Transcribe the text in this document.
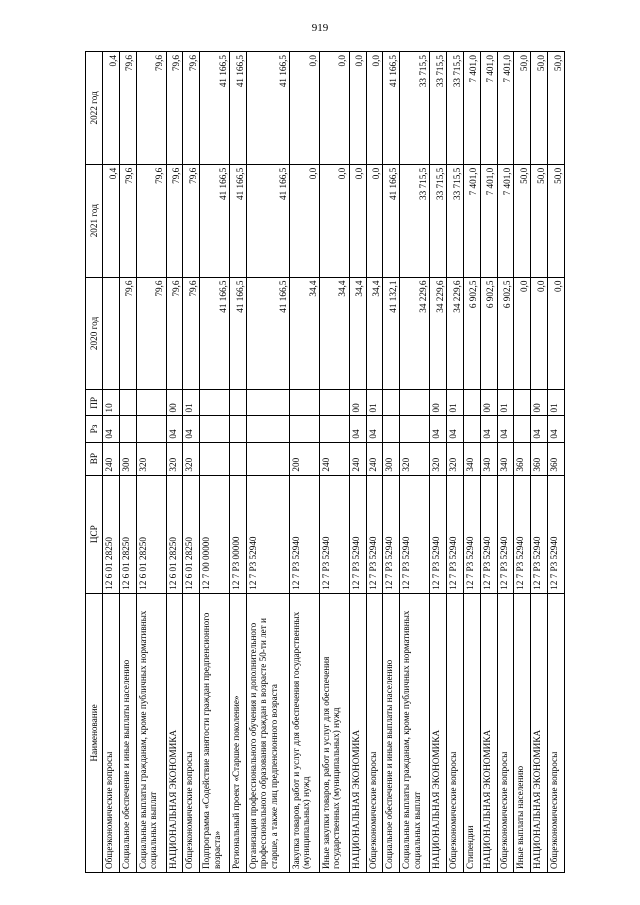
919
Наименование	ЦСР	ВР	Рз	ПР	2020 год	2021 год	2022 год
Общеэкономические вопросы	12 6 01 28250	240	04	10		0,4	0,4
Социальное обеспечение и иные выплаты населению	12 6 01 28250	300			79,6	79,6	79,6
Социальные выплаты гражданам, кроме публичных нормативных социальных выплат	12 6 01 28250	320			79,6	79,6	79,6
НАЦИОНАЛЬНАЯ ЭКОНОМИКА	12 6 01 28250	320	04	00	79,6	79,6	79,6
Общеэкономические вопросы	12 6 01 28250	320	04	01	79,6	79,6	79,6
Подпрограмма «Содействие занятости граждан предпенсионного возраста»	12 7 00 00000				41 166,5	41 166,5	41 166,5
Региональный проект «Старшее поколение»	12 7 P3 00000				41 166,5	41 166,5	41 166,5
Организация профессионального обучения и дополнительного профессионального образования граждан в возрасте 50-ти лет и старше, а также лиц предпенсионного возраста	12 7 P3 52940				41 166,5	41 166,5	41 166,5
Закупка товаров, работ и услуг для обеспечения государственных (муниципальных) нужд	12 7 P3 52940	200			34,4	0,0	0,0
Иные закупки товаров, работ и услуг для обеспечения государственных (муниципальных) нужд	12 7 P3 52940	240			34,4	0,0	0,0
НАЦИОНАЛЬНАЯ ЭКОНОМИКА	12 7 P3 52940	240	04	00	34,4	0,0	0,0
Общеэкономические вопросы	12 7 P3 52940	240	04	01	34,4	0,0	0,0
Социальное обеспечение и иные выплаты населению	12 7 P3 52940	300			41 132,1	41 166,5	41 166,5
Социальные выплаты гражданам, кроме публичных нормативных социальных выплат	12 7 P3 52940	320			34 229,6	33 715,5	33 715,5
НАЦИОНАЛЬНАЯ ЭКОНОМИКА	12 7 P3 52940	320	04	00	34 229,6	33 715,5	33 715,5
Общеэкономические вопросы	12 7 P3 52940	320	04	01	34 229,6	33 715,5	33 715,5
Стипендии	12 7 P3 52940	340			6 902,5	7 401,0	7 401,0
НАЦИОНАЛЬНАЯ ЭКОНОМИКА	12 7 P3 52940	340	04	00	6 902,5	7 401,0	7 401,0
Общеэкономические вопросы	12 7 P3 52940	340	04	01	6 902,5	7 401,0	7 401,0
Иные выплаты населению	12 7 P3 52940	360			0,0	50,0	50,0
НАЦИОНАЛЬНАЯ ЭКОНОМИКА	12 7 P3 52940	360	04	00	0,0	50,0	50,0
Общеэкономические вопросы	12 7 P3 52940	360	04	01	0,0	50,0	50,0
